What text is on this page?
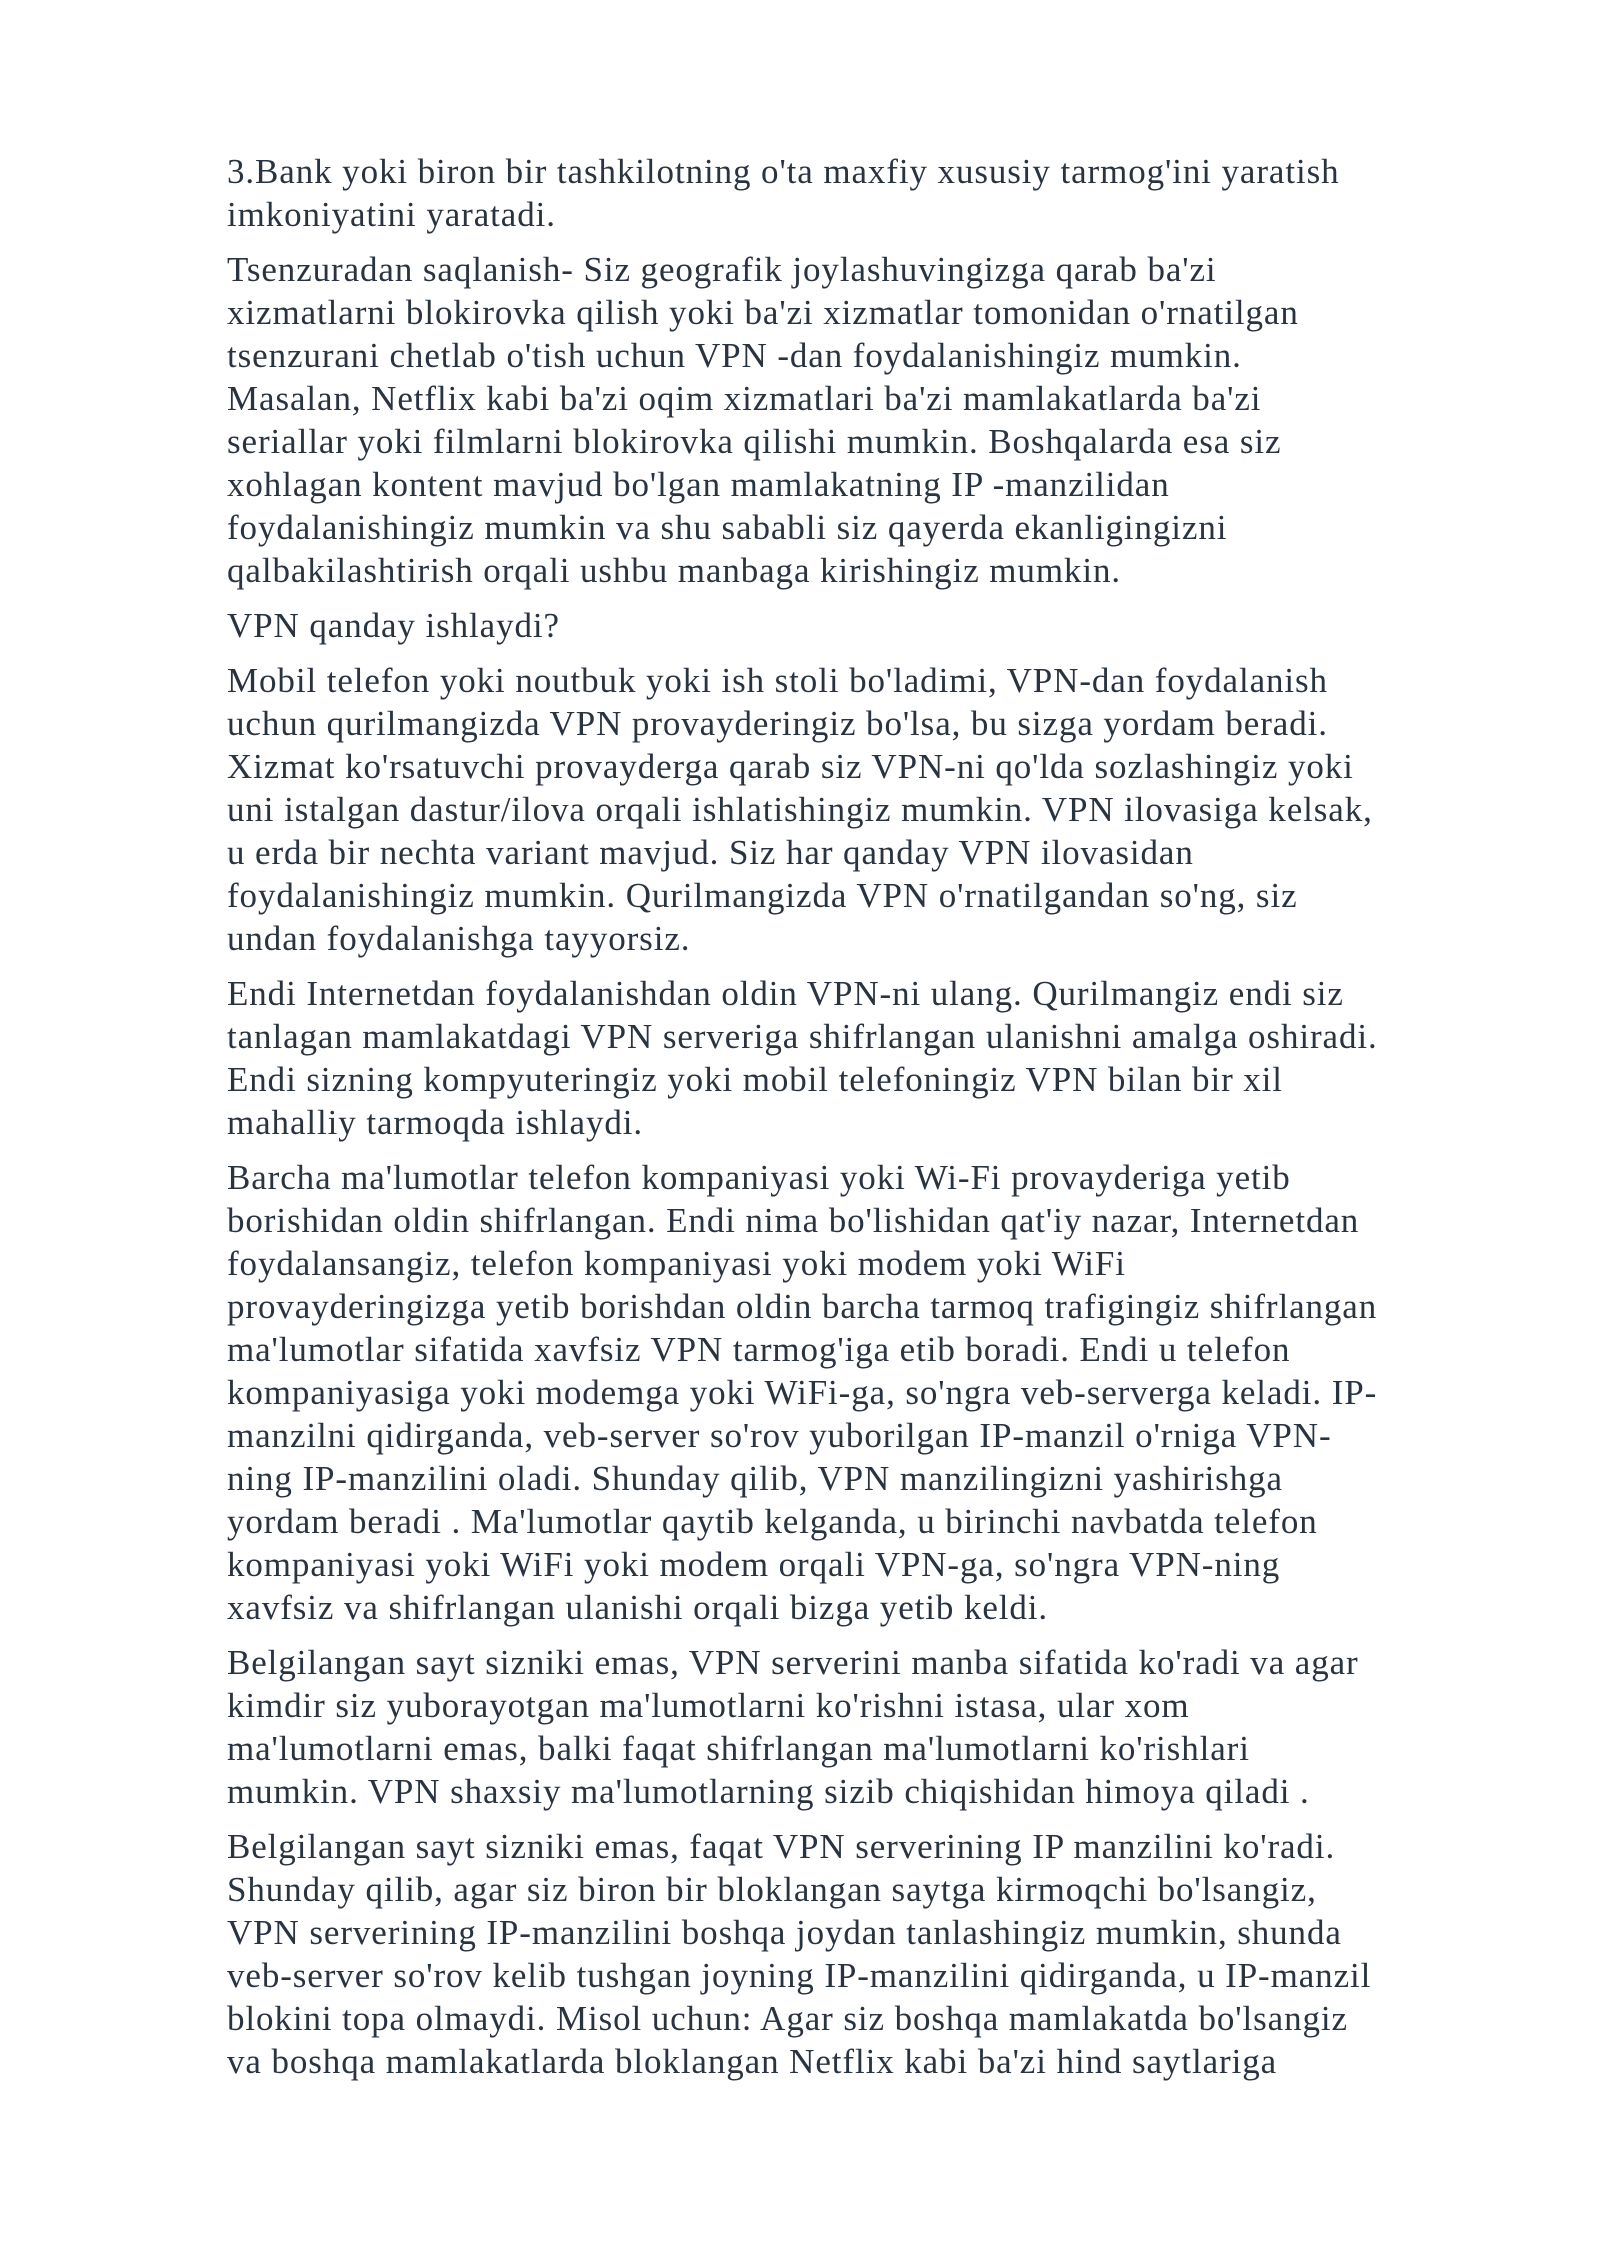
3.Bank yoki biron bir tashkilotning o'ta maxfiy xususiy tarmog'ini yaratish
imkoniyatini yaratadi.
Tsenzuradan saqlanish- Siz geografik joylashuvingizga qarab ba'zi
xizmatlarni blokirovka qilish yoki ba'zi xizmatlar tomonidan o'rnatilgan
tsenzurani chetlab o'tish uchun VPN -dan foydalanishingiz mumkin.
Masalan, Netflix kabi ba'zi oqim xizmatlari ba'zi mamlakatlarda ba'zi
seriallar yoki filmlarni blokirovka qilishi mumkin. Boshqalarda esa siz
xohlagan kontent mavjud bo'lgan mamlakatning IP -manzilidan
foydalanishingiz mumkin va shu sababli siz qayerda ekanligingizni
qalbakilashtirish orqali ushbu manbaga kirishingiz mumkin.
VPN qanday ishlaydi?
Mobil telefon yoki noutbuk yoki ish stoli bo'ladimi, VPN-dan foydalanish
uchun qurilmangizda VPN provayderingiz bo'lsa, bu sizga yordam beradi.
Xizmat ko'rsatuvchi provayderga qarab siz VPN-ni qo'lda sozlashingiz yoki
uni istalgan dastur/ilova orqali ishlatishingiz mumkin. VPN ilovasiga kelsak,
u erda bir nechta variant mavjud. Siz har qanday VPN ilovasidan
foydalanishingiz mumkin. Qurilmangizda VPN o'rnatilgandan so'ng, siz
undan foydalanishga tayyorsiz.
Endi Internetdan foydalanishdan oldin VPN-ni ulang. Qurilmangiz endi siz
tanlagan mamlakatdagi VPN serveriga shifrlangan ulanishni amalga oshiradi.
Endi sizning kompyuteringiz yoki mobil telefoningiz VPN bilan bir xil
mahalliy tarmoqda ishlaydi.
Barcha ma'lumotlar telefon kompaniyasi yoki Wi-Fi provayderiga yetib
borishidan oldin shifrlangan. Endi nima bo'lishidan qat'iy nazar, Internetdan
foydalansangiz, telefon kompaniyasi yoki modem yoki WiFi
provayderingizga yetib borishdan oldin barcha tarmoq trafigingiz shifrlangan
ma'lumotlar sifatida xavfsiz VPN tarmog'iga etib boradi. Endi u telefon
kompaniyasiga yoki modemga yoki WiFi-ga, so'ngra veb-serverga keladi. IP-
manzilni qidirganda, veb-server so'rov yuborilgan IP-manzil o'rniga VPN-
ning IP-manzilini oladi. Shunday qilib, VPN manzilingizni yashirishga
yordam beradi . Ma'lumotlar qaytib kelganda, u birinchi navbatda telefon
kompaniyasi yoki WiFi yoki modem orqali VPN-ga, so'ngra VPN-ning
xavfsiz va shifrlangan ulanishi orqali bizga yetib keldi.
Belgilangan sayt sizniki emas, VPN serverini manba sifatida ko'radi va agar
kimdir siz yuborayotgan ma'lumotlarni ko'rishni istasa, ular xom
ma'lumotlarni emas, balki faqat shifrlangan ma'lumotlarni ko'rishlari
mumkin. VPN shaxsiy ma'lumotlarning sizib chiqishidan himoya qiladi .
Belgilangan sayt sizniki emas, faqat VPN serverining IP manzilini ko'radi.
Shunday qilib, agar siz biron bir bloklangan saytga kirmoqchi bo'lsangiz,
VPN serverining IP-manzilini boshqa joydan tanlashingiz mumkin, shunda
veb-server so'rov kelib tushgan joyning IP-manzilini qidirganda, u IP-manzil
blokini topa olmaydi. Misol uchun: Agar siz boshqa mamlakatda bo'lsangiz
va boshqa mamlakatlarda bloklangan Netflix kabi ba'zi hind saytlariga
